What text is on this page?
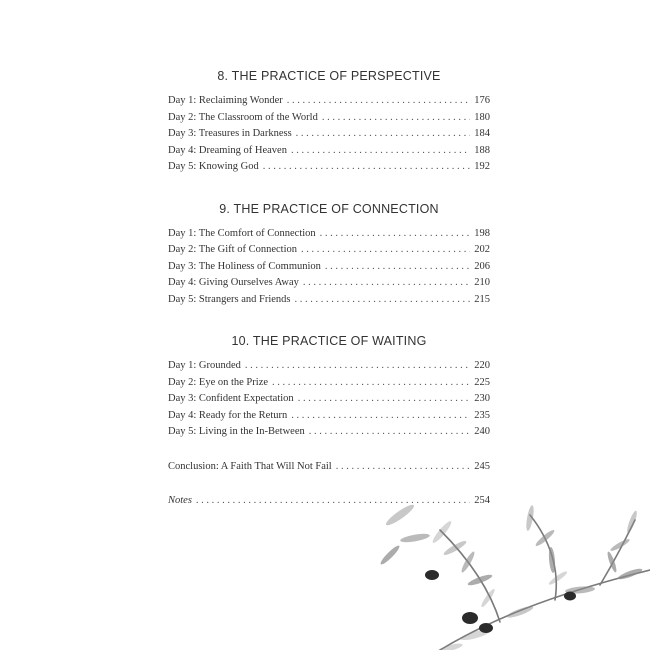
8. THE PRACTICE OF PERSPECTIVE
Day 1: Reclaiming Wonder . . .	176
Day 2: The Classroom of the World . . .	180
Day 3: Treasures in Darkness . . .	184
Day 4: Dreaming of Heaven . . .	188
Day 5: Knowing God . . .	192
9. THE PRACTICE OF CONNECTION
Day 1: The Comfort of Connection . . .	198
Day 2: The Gift of Connection . . .	202
Day 3: The Holiness of Communion . . .	206
Day 4: Giving Ourselves Away . . .	210
Day 5: Strangers and Friends . . .	215
10. THE PRACTICE OF WAITING
Day 1: Grounded . . .	220
Day 2: Eye on the Prize . . .	225
Day 3: Confident Expectation . . .	230
Day 4: Ready for the Return . . .	235
Day 5: Living in the In-Between . . .	240
Conclusion: A Faith That Will Not Fail . . .	245
Notes . . .	254
